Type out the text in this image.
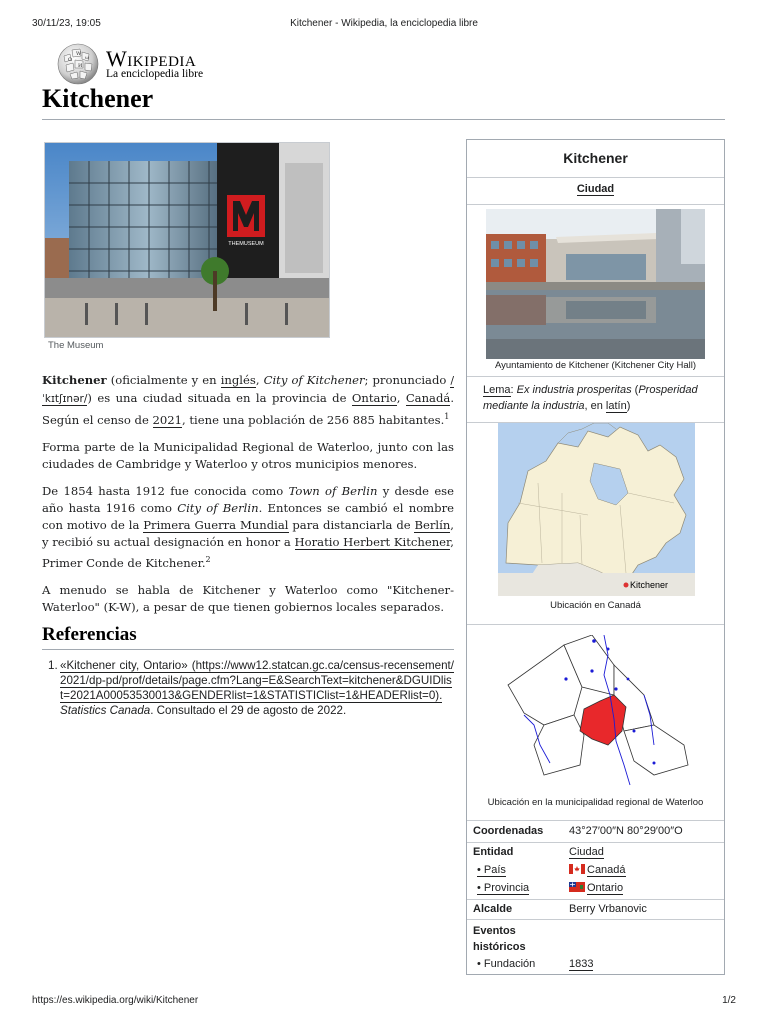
30/11/23, 19:05	Kitchener - Wikipedia, la enciclopedia libre
Ω
W
И
ω Wikipedia
La enciclopedia libre
Kitchener
THEMUSEUM
The Museum

Kitchener (oficialmente y en inglés, City of Kitchener; pronunciado /ˈkɪtʃɪnər/) es una ciudad situada en la provincia de Ontario, Canadá. Según el censo de 2021, tiene una población de 256 885 habitantes.$^1$

Forma parte de la Municipalidad Regional de Waterloo, junto con las ciudades de Cambridge y Waterloo y otros municipios menores.

De 1854 hasta 1912 fue conocida como Town of Berlin y desde ese año hasta 1916 como City of Berlin. Entonces se cambió el nombre con motivo de la Primera Guerra Mundial para distanciarla de Berlín, y recibió su actual designación en honor a Horatio Herbert Kitchener, Primer Conde de Kitchener.$^2$

A menudo se habla de Kitchener y Waterloo como "Kitchener-Waterloo" (K-W), a pesar de que tienen gobiernos locales separados.

Referencias
1. «Kitchener city, Ontario» (https://www12.statcan.gc.ca/census-recensement/2021/dp-pd/prof/details/page.cfm?Lang=E&SearchText=kitchener&DGUIDlist=2021A00053530013&GENDERlist=1&STATISTIClist=1&HEADERlist=0). Statistics Canada. Consultado el 29 de agosto de 2022.
Kitchener
Ciudad
Ayuntamiento de Kitchener (Kitchener City Hall)
Lema: Ex industria prosperitas (Prosperidad mediante la industria, en latín)
Kitchener
Ubicación en Canadá
Ubicación en la municipalidad regional de Waterloo
Coordenadas 43°27′00″N 80°29′00″O
Entidad	Ciudad
• País	Canadá
• Provincia	Ontario
Alcalde	Berry Vrbanovic
Eventos históricos
• Fundación	1833
https://es.wikipedia.org/wiki/Kitchener	1/2
